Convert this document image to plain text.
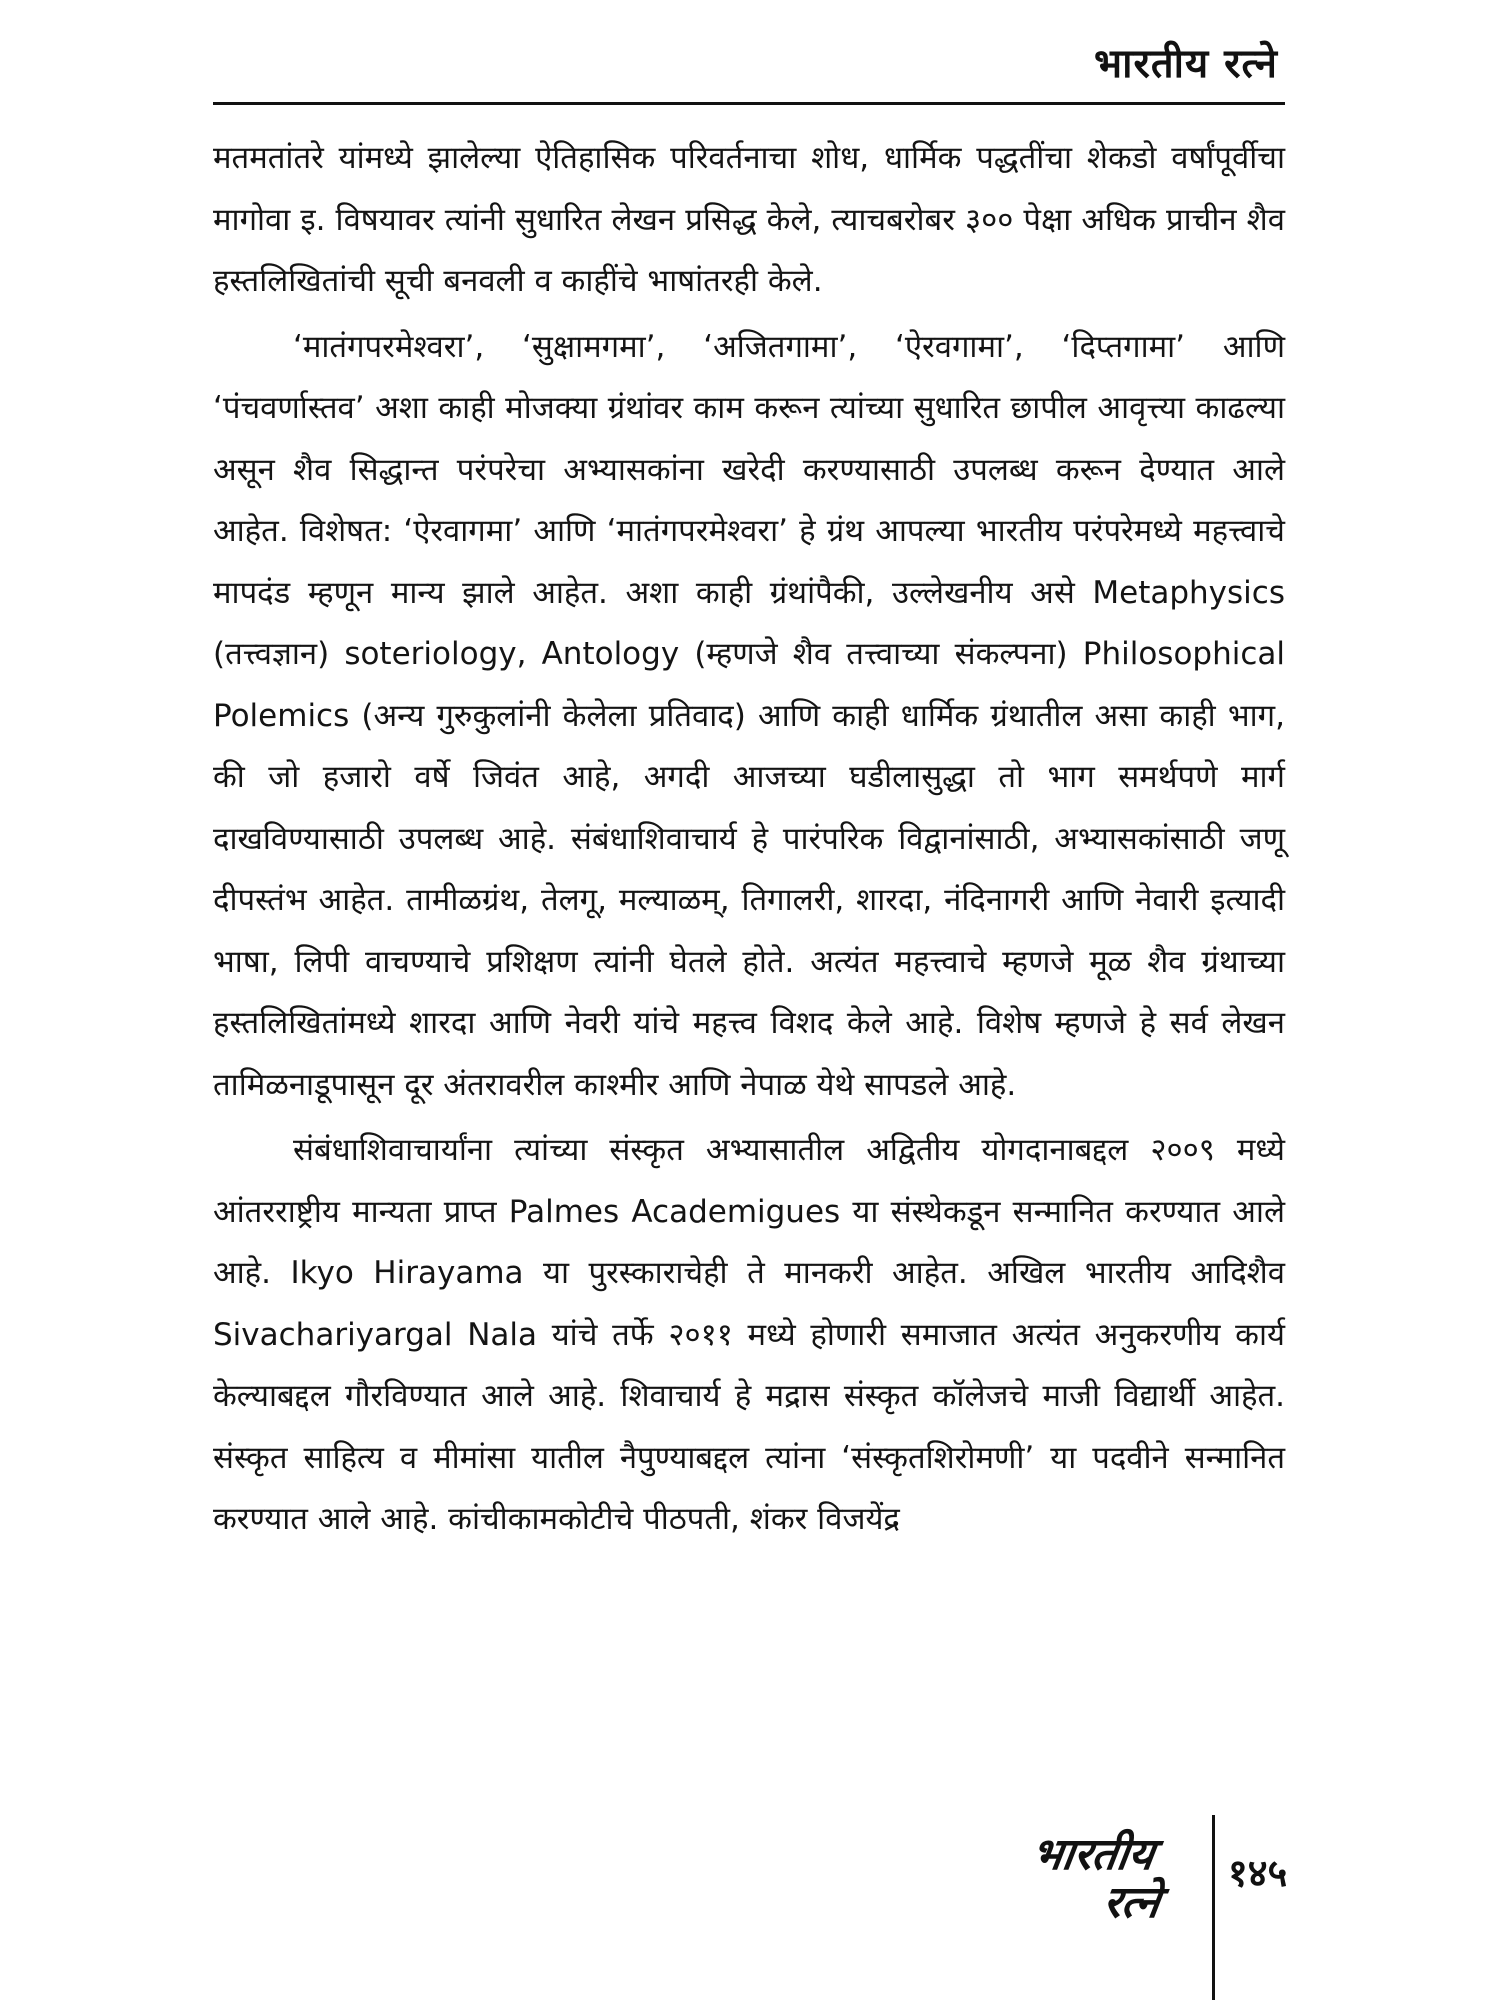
भारतीय रत्ने

मतमतांतरे यांमध्ये झालेल्या ऐतिहासिक परिवर्तनाचा शोध, धार्मिक पद्धतींचा शेकडो वर्षांपूर्वीचा मागोवा इ. विषयावर त्यांनी सुधारित लेखन प्रसिद्ध केले, त्याचबरोबर ३०० पेक्षा अधिक प्राचीन शैव हस्तलिखितांची सूची बनवली व काहींचे भाषांतरही केले.

‘मातंगपरमेश्वरा’, ‘सुक्षामगमा’, ‘अजितगामा’, ‘ऐरवगामा’, ‘दिप्तगामा’ आणि ‘पंचवर्णास्तव’ अशा काही मोजक्या ग्रंथांवर काम करून त्यांच्या सुधारित छापील आवृत्त्या काढल्या असून शैव सिद्धान्त परंपरेचा अभ्यासकांना खरेदी करण्यासाठी उपलब्ध करून देण्यात आले आहेत. विशेषत: ‘ऐरवागमा’ आणि ‘मातंगपरमेश्वरा’ हे ग्रंथ आपल्या भारतीय परंपरेमध्ये महत्त्वाचे मापदंड म्हणून मान्य झाले आहेत. अशा काही ग्रंथांपैकी, उल्लेखनीय असे Metaphysics (तत्त्वज्ञान) soteriology, Antology (म्हणजे शैव तत्त्वाच्या संकल्पना) Philosophical Polemics (अन्य गुरुकुलांनी केलेला प्रतिवाद) आणि काही धार्मिक ग्रंथातील असा काही भाग, की जो हजारो वर्षे जिवंत आहे, अगदी आजच्या घडीलासुद्धा तो भाग समर्थपणे मार्ग दाखविण्यासाठी उपलब्ध आहे. संबंधाशिवाचार्य हे पारंपरिक विद्वानांसाठी, अभ्यासकांसाठी जणू दीपस्तंभ आहेत. तामीळग्रंथ, तेलगू, मल्याळम्, तिगालरी, शारदा, नंदिनागरी आणि नेवारी इत्यादी भाषा, लिपी वाचण्याचे प्रशिक्षण त्यांनी घेतले होते. अत्यंत महत्त्वाचे म्हणजे मूळ शैव ग्रंथाच्या हस्तलिखितांमध्ये शारदा आणि नेवरी यांचे महत्त्व विशद केले आहे. विशेष म्हणजे हे सर्व लेखन तामिळनाडूपासून दूर अंतरावरील काश्मीर आणि नेपाळ येथे सापडले आहे.

संबंधाशिवाचार्यांना त्यांच्या संस्कृत अभ्यासातील अद्वितीय योगदानाबद्दल २००९ मध्ये आंतरराष्ट्रीय मान्यता प्राप्त Palmes Academigues या संस्थेकडून सन्मानित करण्यात आले आहे. Ikyo Hirayama या पुरस्काराचेही ते मानकरी आहेत. अखिल भारतीय आदिशैव Sivachariyargal Nala यांचे तर्फे २०११ मध्ये होणारी समाजात अत्यंत अनुकरणीय कार्य केल्याबद्दल गौरविण्यात आले आहे. शिवाचार्य हे मद्रास संस्कृत कॉलेजचे माजी विद्यार्थी आहेत. संस्कृत साहित्य व मीमांसा यातील नैपुण्याबद्दल त्यांना ‘संस्कृतशिरोमणी’ या पदवीने सन्मानित करण्यात आले आहे. कांचीकामकोटीचे पीठपती, शंकर विजयेंद्र

भारतीय
रत्ने
१४५
